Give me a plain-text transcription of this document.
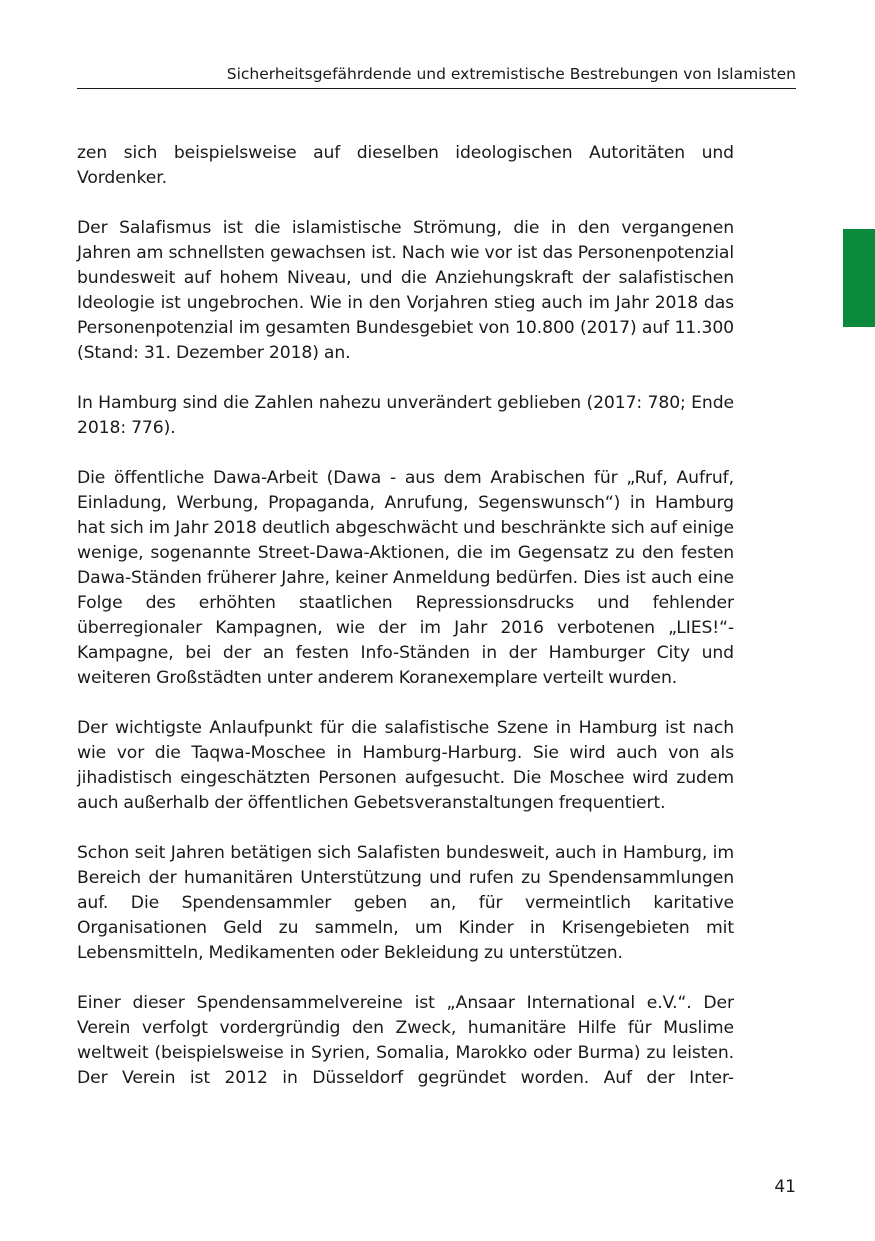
Sicherheitsgefährdende und extremistische Bestrebungen von Islamisten

zen sich beispielsweise auf dieselben ideologischen Autoritäten und Vordenker.

Der Salafismus ist die islamistische Strömung, die in den vergangenen Jahren am schnellsten gewachsen ist. Nach wie vor ist das Personenpotenzial bundesweit auf hohem Niveau, und die Anziehungskraft der salafistischen Ideologie ist ungebrochen. Wie in den Vorjahren stieg auch im Jahr 2018 das Personenpotenzial im gesamten Bundesgebiet von 10.800 (2017) auf 11.300 (Stand: 31. Dezember 2018) an.

In Hamburg sind die Zahlen nahezu unverändert geblieben (2017: 780; Ende 2018: 776).

Die öffentliche Dawa-Arbeit (Dawa - aus dem Arabischen für „Ruf, Aufruf, Einladung, Werbung, Propaganda, Anrufung, Segenswunsch“) in Hamburg hat sich im Jahr 2018 deutlich abgeschwächt und beschränkte sich auf einige wenige, sogenannte Street-Dawa-Aktionen, die im Gegensatz zu den festen Dawa-Ständen früherer Jahre, keiner Anmeldung bedürfen. Dies ist auch eine Folge des erhöhten staatlichen Repressionsdrucks und fehlender überregionaler Kampagnen, wie der im Jahr 2016 verbotenen „LIES!“-Kampagne, bei der an festen Info-Ständen in der Hamburger City und weiteren Großstädten unter anderem Koranexemplare verteilt wurden.

Der wichtigste Anlaufpunkt für die salafistische Szene in Hamburg ist nach wie vor die Taqwa-Moschee in Hamburg-Harburg. Sie wird auch von als jihadistisch eingeschätzten Personen aufgesucht. Die Moschee wird zudem auch außerhalb der öffentlichen Gebetsveranstaltungen frequentiert.

Schon seit Jahren betätigen sich Salafisten bundesweit, auch in Hamburg, im Bereich der humanitären Unterstützung und rufen zu Spendensammlungen auf. Die Spendensammler geben an, für vermeintlich karitative Organisationen Geld zu sammeln, um Kinder in Krisengebieten mit Lebensmitteln, Medikamenten oder Bekleidung zu unterstützen.

Einer dieser Spendensammelvereine ist „Ansaar International e.V.“. Der Verein verfolgt vordergründig den Zweck, humanitäre Hilfe für Muslime weltweit (beispielsweise in Syrien, Somalia, Marokko oder Burma) zu leisten. Der Verein ist 2012 in Düsseldorf gegründet worden. Auf der Inter-

41
